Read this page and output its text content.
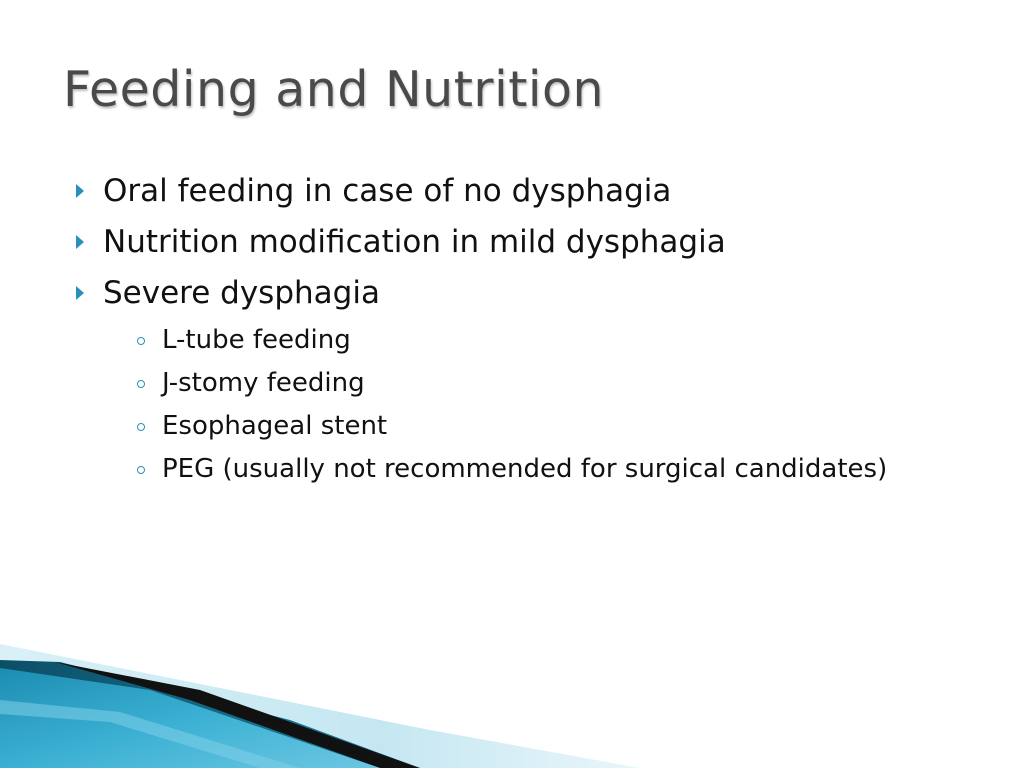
Feeding and Nutrition
Oral feeding in case of no dysphagia
Nutrition modification in mild dysphagia
Severe dysphagia
L-tube feeding
J-stomy feeding
Esophageal stent
PEG (usually not recommended for surgical candidates)
